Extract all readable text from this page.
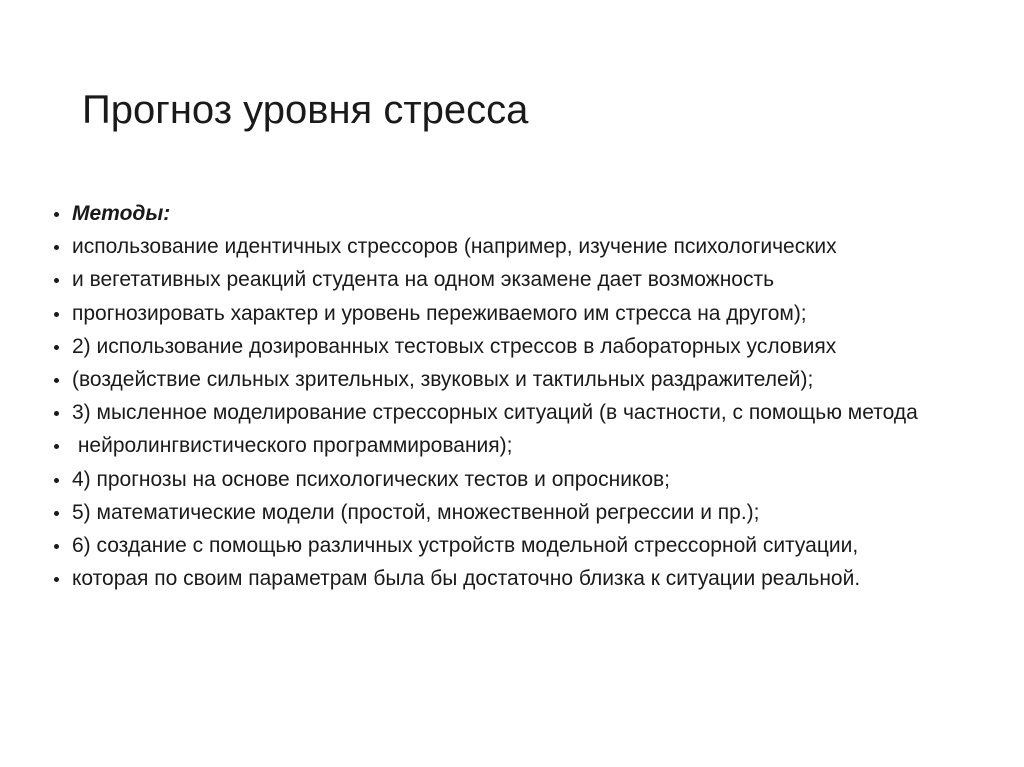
Прогноз уровня стресса
Методы:
использование идентичных стрессоров (например, изучение психологических
и вегетативных реакций студента на одном экзамене дает возможность
прогнозировать характер и уровень переживаемого им стресса на другом);
2) использование дозированных тестовых стрессов в лабораторных условиях
(воздействие сильных зрительных, звуковых и тактильных раздражителей);
3) мысленное моделирование стрессорных ситуаций (в частности, с помощью метода
нейролингвистического программирования);
4) прогнозы на основе психологических тестов и опросников;
5) математические модели (простой, множественной регрессии и пр.);
6) создание с помощью различных устройств модельной стрессорной ситуации,
которая по своим параметрам была бы достаточно близка к ситуации реальной.
